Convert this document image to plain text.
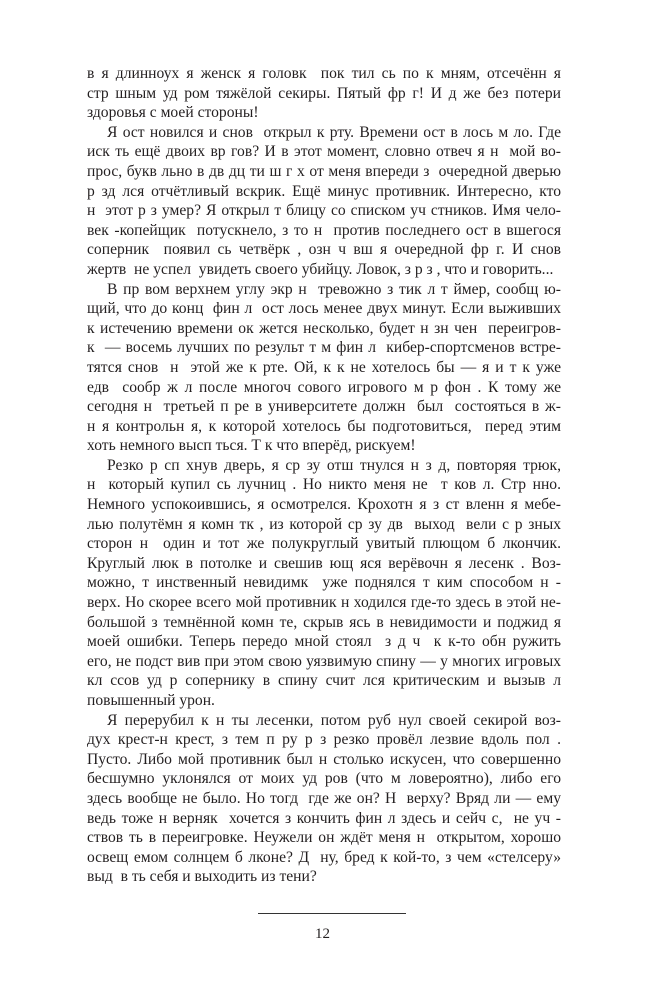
в я длинноух я женск я головк  пок тил сь по к мням, отсечённ я
стр шным уд ром тяжёлой секиры. Пятый фр г! И д же без потери
здоровья с моей стороны!
Я ост новился и снов  открыл к рту. Времени ост в лось м ло. Где
иск ть ещё двоих вр гов? И в этот момент, словно отвеч я н  мой во-
прос, букв льно в дв дц ти ш г х от меня впереди з  очередной дверью
р зд лся отчётливый вскрик. Ещё минус противник. Интересно, кто
н  этот р з умер? Я открыл т блицу со списком уч стников. Имя чело-
век -копейщик  потускнело, з то н  против последнего ост в вшегося
соперник  появил сь четвёрк , озн ч вш я очередной фр г. И снов
жертв  не успел  увидеть своего убийцу. Ловок, з р з , что и говорить...
В пр вом верхнем углу экр н  тревожно з тик л т ймер, сообщ ю-
щий, что до конц  фин л  ост лось менее двух минут. Если выживших
к истечению времени ок жется несколько, будет н зн чен  переигров-
к  — восемь лучших по результ т м фин л  кибер-спортсменов встре-
тятся снов  н  этой же к рте. Ой, к к не хотелось бы — я и т к уже
едв  сообр ж л после многоч сового игрового м р фон . К тому же
сегодня н  третьей п ре в университете должн  был  состояться в ж-
н я контрольн я, к которой хотелось бы подготовиться,  перед этим
хоть немного высп ться. Т к что вперёд, рискуем!
Резко р сп хнув дверь, я ср зу отш тнулся н з д, повторяя трюк,
н  который купил сь лучниц . Но никто меня не  т ков л. Стр нно.
Немного успокоившись, я осмотрелся. Крохотн я з ст вленн я мебе-
лью полутёмн я комн тк , из которой ср зу дв  выход  вели с р зных
сторон н  один и тот же полукруглый увитый плющом б лкончик.
Круглый люк в потолке и свешив ющ яся верёвочн я лесенк . Воз-
можно, т инственный невидимк  уже поднялся т ким способом н -
верх. Но скорее всего мой противник н ходился где-то здесь в этой не-
большой з темнённой комн те, скрыв ясь в невидимости и поджид я
моей ошибки. Теперь передо мной стоял  з д ч  к к-то обн ружить
его, не подст вив при этом свою уязвимую спину — у многих игровых
кл ссов уд р сопернику в спину счит лся критическим и вызыв л
повышенный урон.
Я перерубил к н ты лесенки, потом руб нул своей секирой воз-
дух крест-н крест, з тем п ру р з резко провёл лезвие вдоль пол .
Пусто. Либо мой противник был н столько искусен, что совершенно
бесшумно уклонялся от моих уд ров (что м ловероятно), либо его
здесь вообще не было. Но тогд  где же он? Н  верху? Вряд ли — ему
ведь тоже н верняк  хочется з кончить фин л здесь и сейч с,  не уч -
ствов ть в переигровке. Неужели он ждёт меня н  открытом, хорошо
освещ емом солнцем б лконе? Д  ну, бред к кой-то, з чем «стелсеру»
выд  в ть себя и выходить из тени?
12
